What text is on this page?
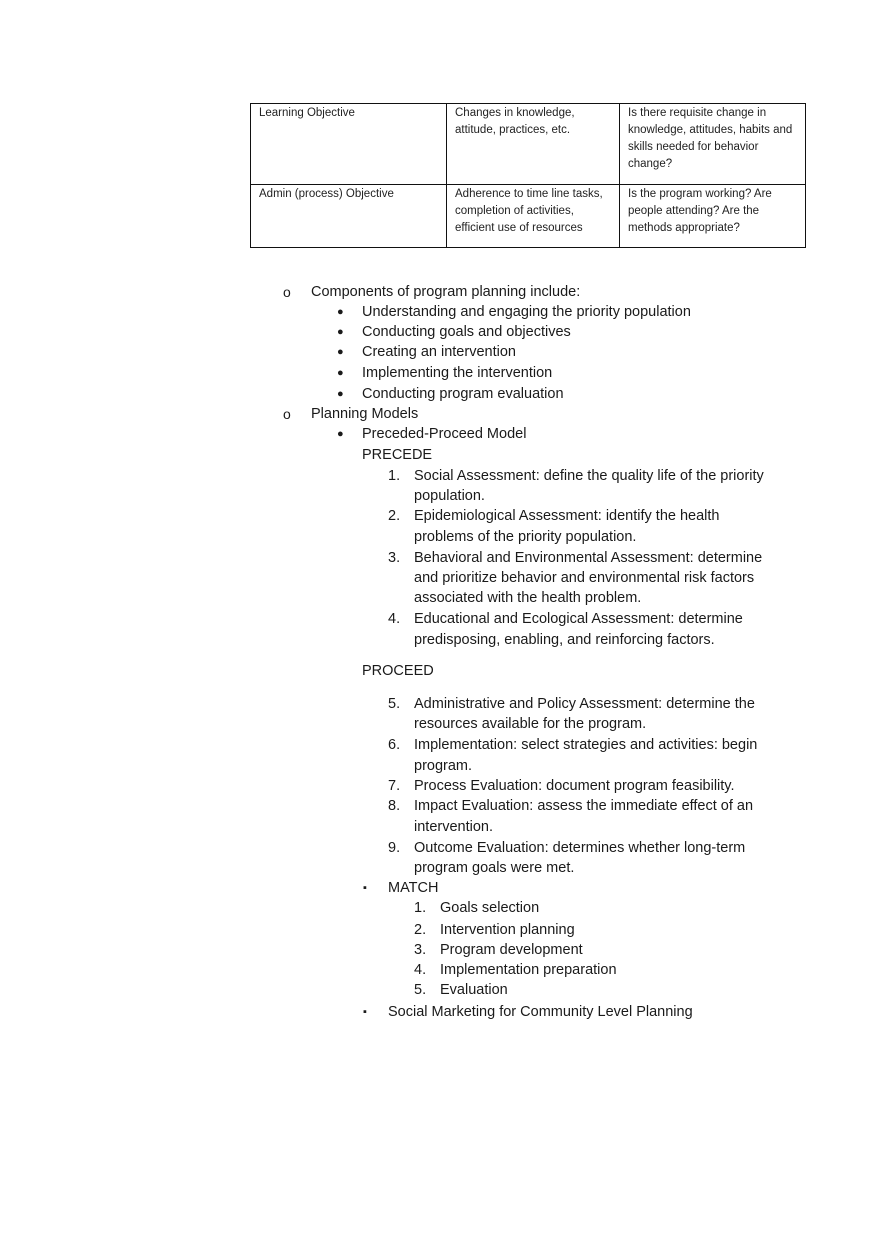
Learning Objective	Changes in knowledge, attitude, practices, etc.	Is there requisite change in knowledge, attitudes, habits and skills needed for behavior change?
Admin (process) Objective	Adherence to time line tasks, completion of activities, efficient use of resources	Is the program working? Are people attending? Are the methods appropriate?
o Components of program planning include:
● Understanding and engaging the priority population
● Conducting goals and objectives
● Creating an intervention
● Implementing the intervention
● Conducting program evaluation
o Planning Models
● Preceded-Proceed Model
PRECEDE
1. Social Assessment: define the quality life of the priority
population.
2. Epidemiological Assessment: identify the health
problems of the priority population.
3. Behavioral and Environmental Assessment: determine
and prioritize behavior and environmental risk factors
associated with the health problem.
4. Educational and Ecological Assessment: determine
predisposing, enabling, and reinforcing factors.
PROCEED
5. Administrative and Policy Assessment: determine the
resources available for the program.
6. Implementation: select strategies and activities: begin
program.
7. Process Evaluation: document program feasibility.
8. Impact Evaluation: assess the immediate effect of an
intervention.
9. Outcome Evaluation: determines whether long-term
program goals were met.
▪ MATCH
1. Goals selection
2. Intervention planning
3. Program development
4. Implementation preparation
5. Evaluation
▪ Social Marketing for Community Level Planning
